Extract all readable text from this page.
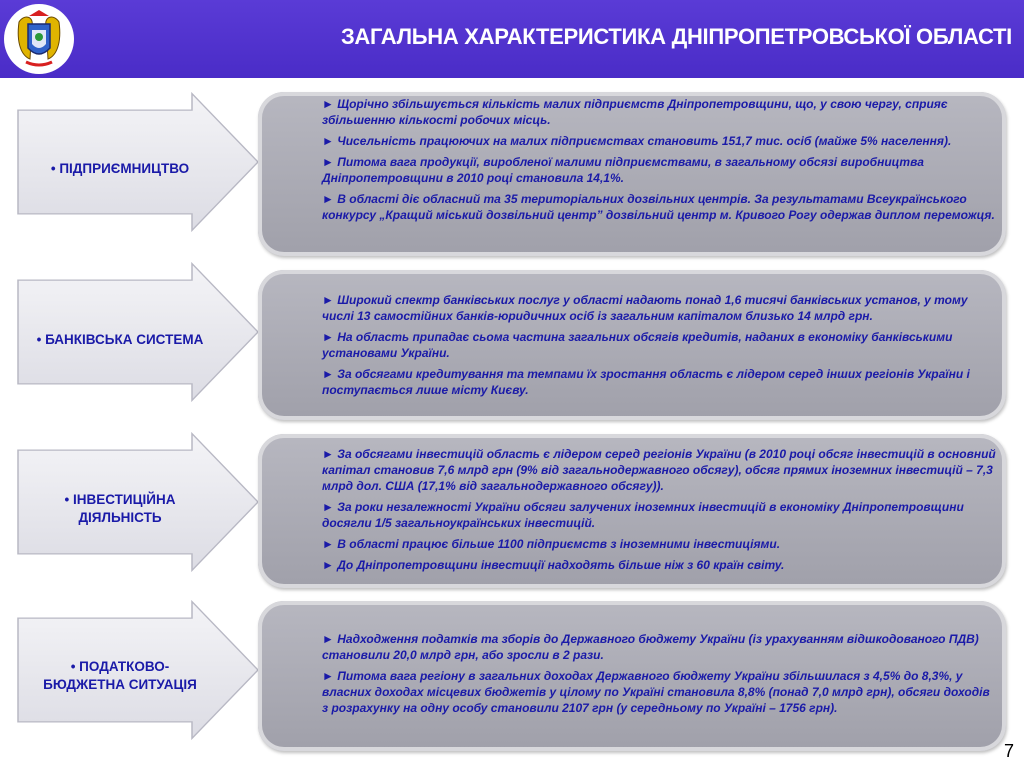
ЗАГАЛЬНА ХАРАКТЕРИСТИКА ДНІПРОПЕТРОВСЬКОЇ ОБЛАСТІ
• ПІДПРИЄМНИЦТВО
► Щорічно збільшується кількість малих підприємств Дніпропетровщини, що, у свою чергу, сприяє збільшенню кількості робочих місць.
► Чисельність працюючих на малих підприємствах становить 151,7 тис. осіб (майже 5% населення).
► Питома вага продукції, виробленої малими підприємствами, в загальному обсязі виробництва Дніпропетровщини в 2010 році становила 14,1%.
► В області діє обласний та 35 територіальних дозвільних центрів. За результатами Всеукраїнського конкурсу „Кращий міський дозвільний центр” дозвільний центр м. Кривого Рогу одержав диплом переможця.
• БАНКІВСЬКА СИСТЕМА
► Широкий спектр банківських послуг у області надають понад 1,6 тисячі банківських установ, у тому числі 13 самостійних банків-юридичних осіб із загальним капіталом близько 14 млрд грн.
► На область припадає сьома частина загальних обсягів кредитів, наданих в економіку банківськими установами України.
► За обсягами кредитування та темпами їх зростання область є лідером серед інших регіонів України і поступається лише місту Києву.
• ІНВЕСТИЦІЙНА ДІЯЛЬНІСТЬ
► За обсягами інвестицій область є лідером серед регіонів України (в 2010 році обсяг інвестицій в основний капітал становив 7,6 млрд грн (9% від загальнодержавного обсягу), обсяг прямих іноземних інвестицій – 7,3 млрд дол. США (17,1% від загальнодержавного обсягу)).
► За роки незалежності України обсяги залучених іноземних інвестицій в економіку Дніпропетровщини досягли 1/5 загальноукраїнських інвестицій.
► В області працює більше 1100 підприємств з іноземними інвестиціями.
► До Дніпропетровщини інвестиції надходять більше ніж з 60 країн світу.
• ПОДАТКОВО-БЮДЖЕТНА СИТУАЦІЯ
► Надходження податків та зборів до Державного бюджету України (із урахуванням відшкодованого ПДВ) становили 20,0 млрд грн, або зросли в 2 рази.
► Питома вага регіону в загальних доходах Державного бюджету України збільшилася з 4,5% до 8,3%, у власних доходах місцевих бюджетів у цілому по Україні становила 8,8% (понад 7,0 млрд грн), обсяги доходів з розрахунку на одну особу становили 2107 грн (у середньому по Україні – 1756 грн).
7
